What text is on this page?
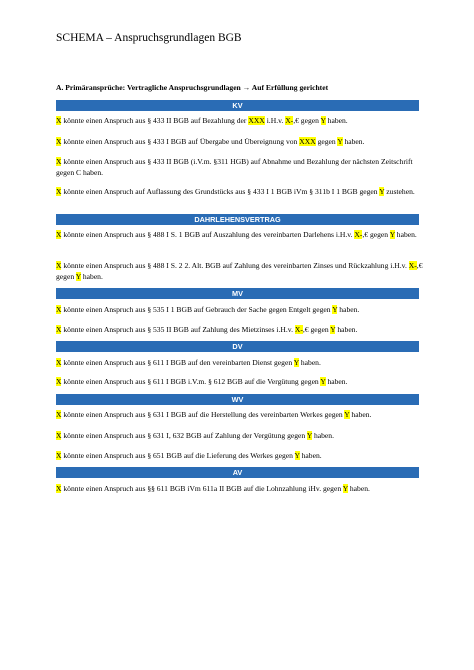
SCHEMA – Anspruchsgrundlagen BGB
A. Primäransprüche: Vertragliche Anspruchsgrundlagen → Auf Erfüllung gerichtet
KV
X könnte einen Anspruch aus § 433 II BGB auf Bezahlung der XXX i.H.v. X-,€ gegen Y haben.
X könnte einen Anspruch aus § 433 I BGB auf Übergabe und Übereignung von XXX gegen Y haben.
X könnte einen Anspruch aus § 433 II BGB (i.V.m. §311 HGB) auf Abnahme und Bezahlung der nächsten Zeitschrift gegen C haben.
X könnte einen Anspruch auf Auflassung des Grundstücks aus § 433 I 1 BGB iVm § 311b I 1 BGB gegen Y zustehen.
DAHRLEHENSVERTRAG
X könnte einen Anspruch aus § 488 I S. 1 BGB auf Auszahlung des vereinbarten Darlehens i.H.v. X-,€ gegen Y haben.
X könnte einen Anspruch aus § 488 I S. 2 2. Alt. BGB auf Zahlung des vereinbarten Zinses und Rückzahlung i.H.v. X-,€ gegen Y haben.
MV
X könnte einen Anspruch aus § 535 I 1 BGB auf Gebrauch der Sache gegen Entgelt gegen Y haben.
X könnte einen Anspruch aus § 535 II BGB auf Zahlung des Mietzinses i.H.v. X-,€ gegen Y haben.
DV
X könnte einen Anspruch aus § 611 I BGB auf den vereinbarten Dienst gegen Y haben.
X könnte einen Anspruch aus § 611 I BGB i.V.m. § 612 BGB auf die Vergütung gegen Y haben.
WV
X könnte einen Anspruch aus § 631 I BGB auf die Herstellung des vereinbarten Werkes gegen Y haben.
X könnte einen Anspruch aus § 631 I, 632 BGB auf Zahlung der Vergütung gegen Y haben.
X könnte einen Anspruch aus § 651 BGB auf die Lieferung des Werkes gegen Y haben.
AV
X könnte einen Anspruch aus §§ 611 BGB iVm 611a II BGB auf die Lohnzahlung iHv. gegen Y haben.
